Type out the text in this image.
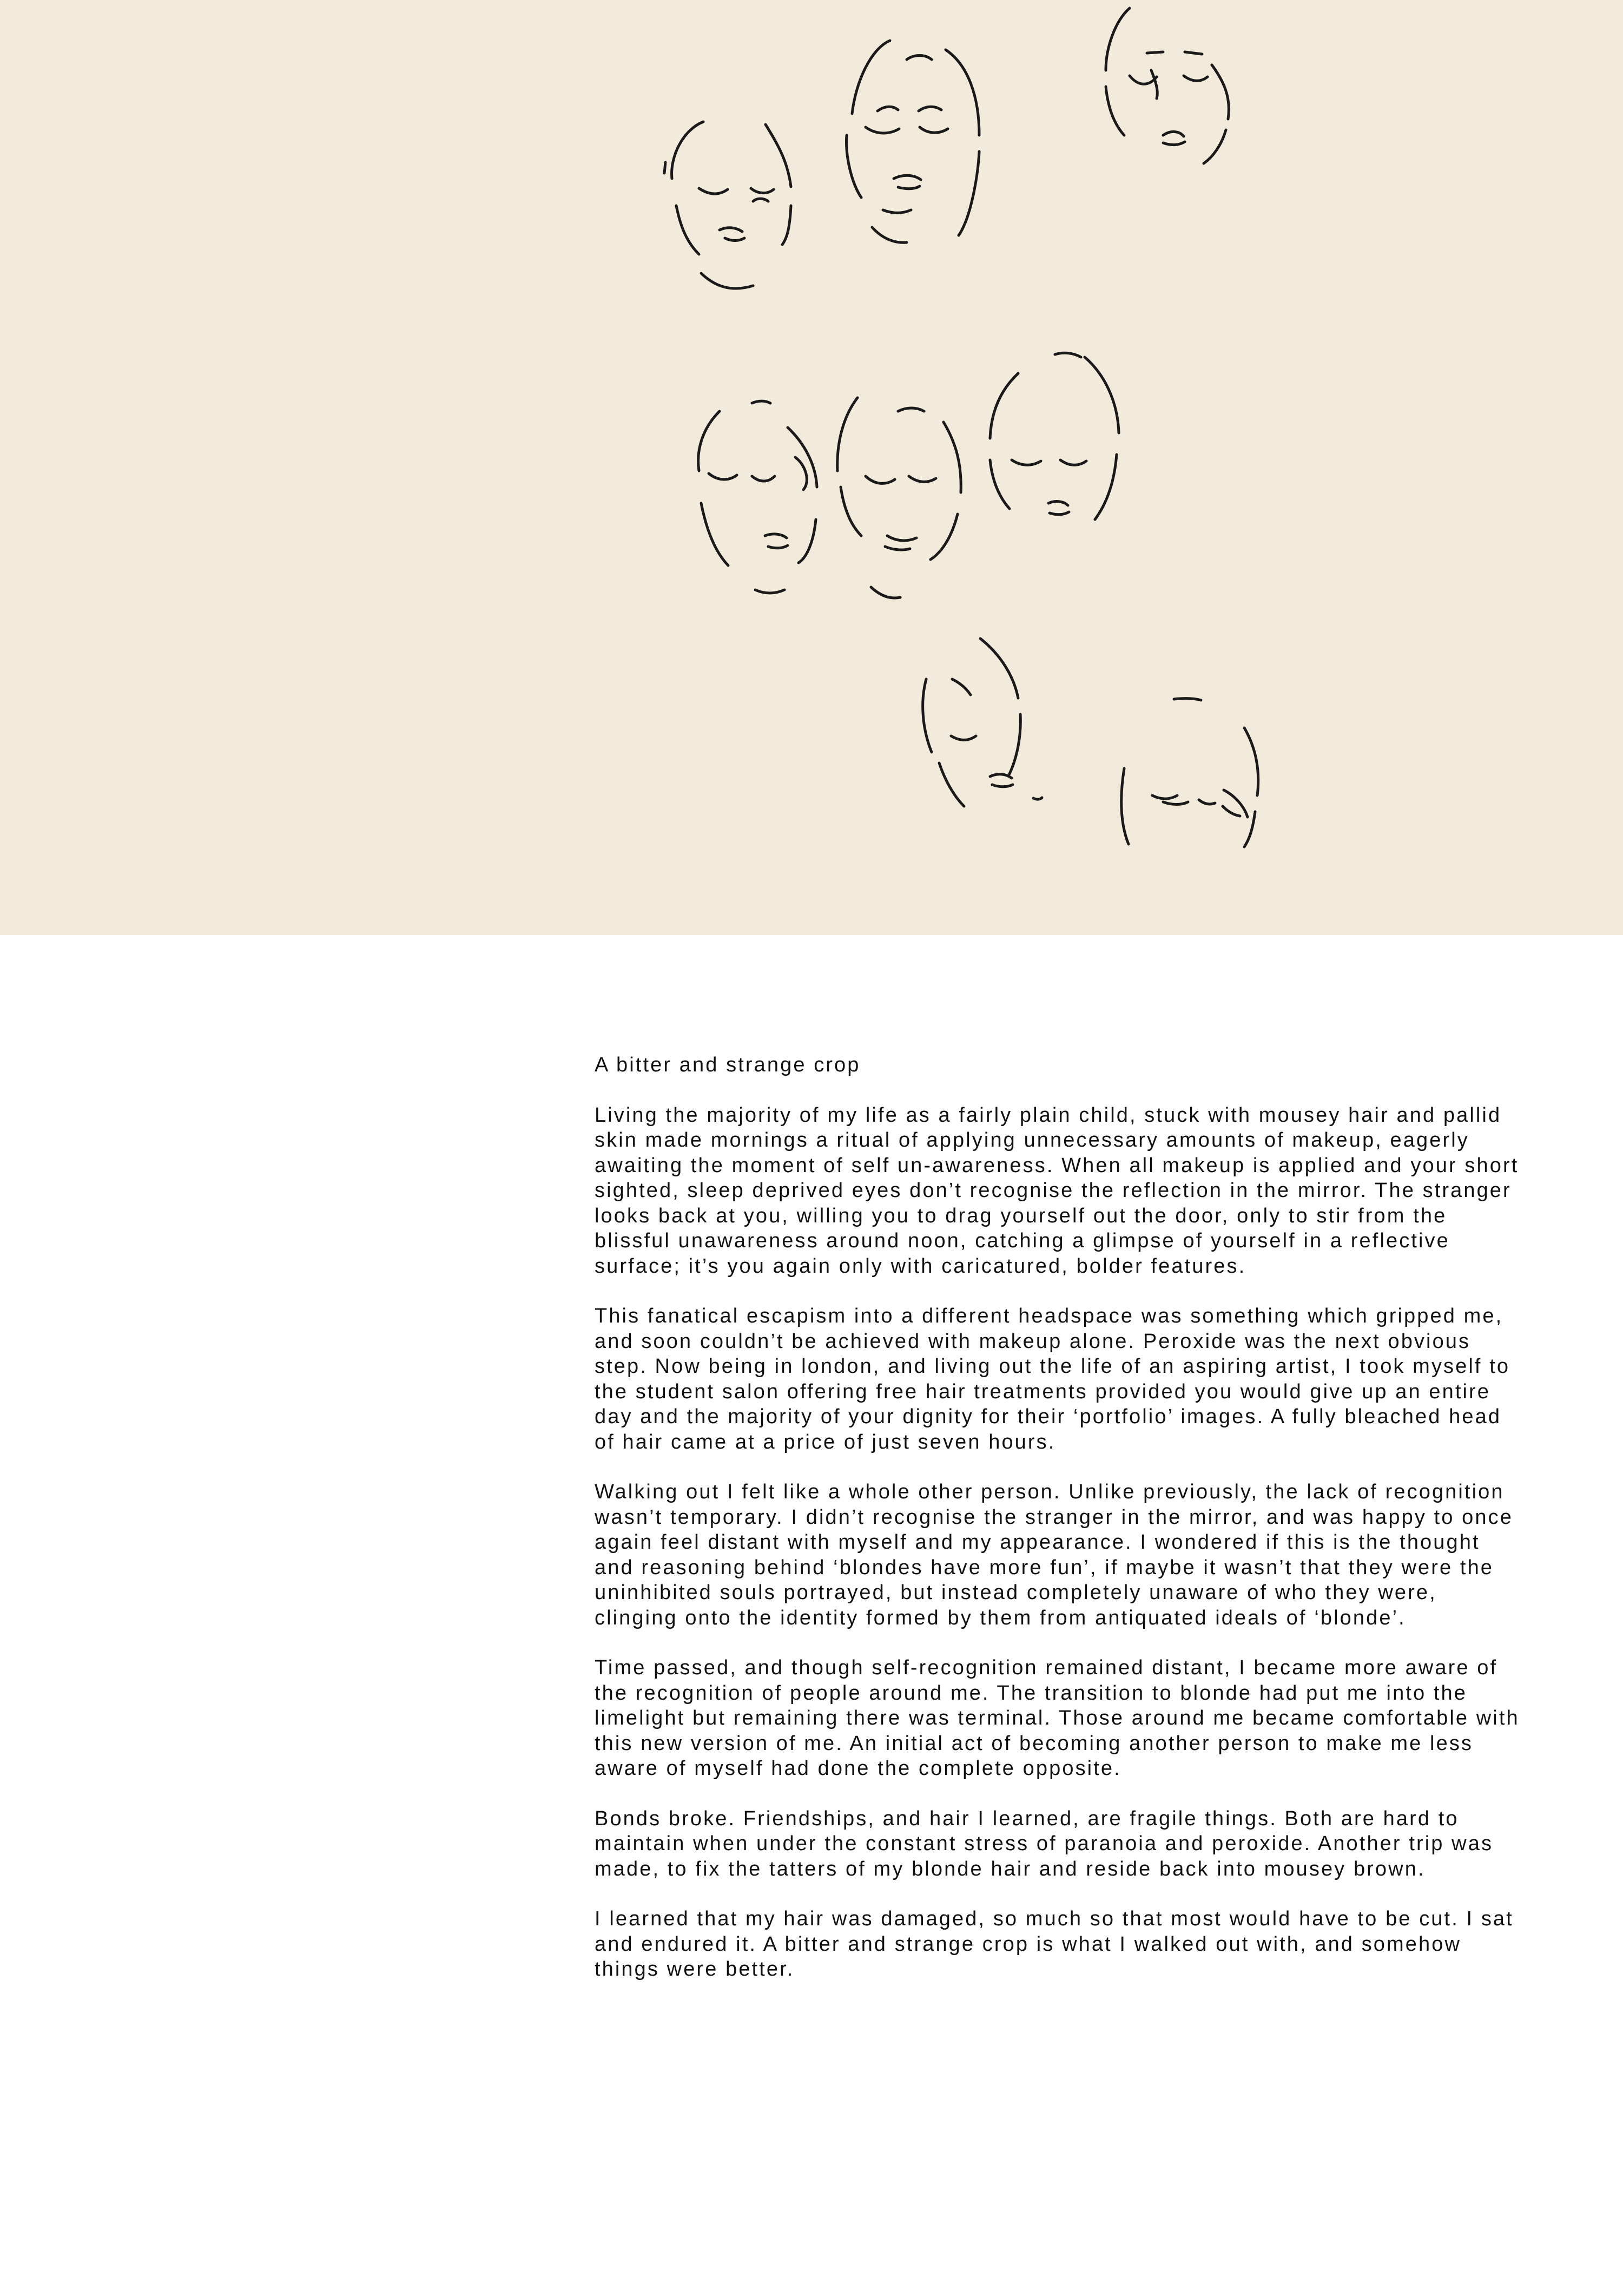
A bitter and strange crop

Living the majority of my life as a fairly plain child, stuck with mousey hair and pallid skin made mornings a ritual of applying unnecessary amounts of makeup, eagerly awaiting the moment of self un-awareness. When all makeup is applied and your short sighted, sleep deprived eyes don’t recognise the reflection in the mirror. The stranger looks back at you, willing you to drag yourself out the door, only to stir from the blissful unawareness around noon, catching a glimpse of yourself in a reflective surface; it’s you again only with caricatured, bolder features.

This fanatical escapism into a different headspace was something which gripped me, and soon couldn’t be achieved with makeup alone. Peroxide was the next obvious step. Now being in london, and living out the life of an aspiring artist, I took myself to the student salon offering free hair treatments provided you would give up an entire day and the majority of your dignity for their ‘portfolio’ images. A fully bleached head of hair came at a price of just seven hours.

Walking out I felt like a whole other person. Unlike previously, the lack of recognition wasn’t temporary. I didn’t recognise the stranger in the mirror, and was happy to once again feel distant with myself and my appearance. I wondered if this is the thought and reasoning behind ‘blondes have more fun’, if maybe it wasn’t that they were the uninhibited souls portrayed, but instead completely unaware of who they were, clinging onto the identity formed by them from antiquated ideals of ‘blonde’.

Time passed, and though self-recognition remained distant, I became more aware of the recognition of people around me. The transition to blonde had put me into the limelight but remaining there was terminal. Those around me became comfortable with this new version of me. An initial act of becoming another person to make me less aware of myself had done the complete opposite.

Bonds broke. Friendships, and hair I learned, are fragile things. Both are hard to maintain when under the constant stress of paranoia and peroxide. Another trip was made, to fix the tatters of my blonde hair and reside back into mousey brown.

I learned that my hair was damaged, so much so that most would have to be cut. I sat and endured it. A bitter and strange crop is what I walked out with, and somehow things were better.
